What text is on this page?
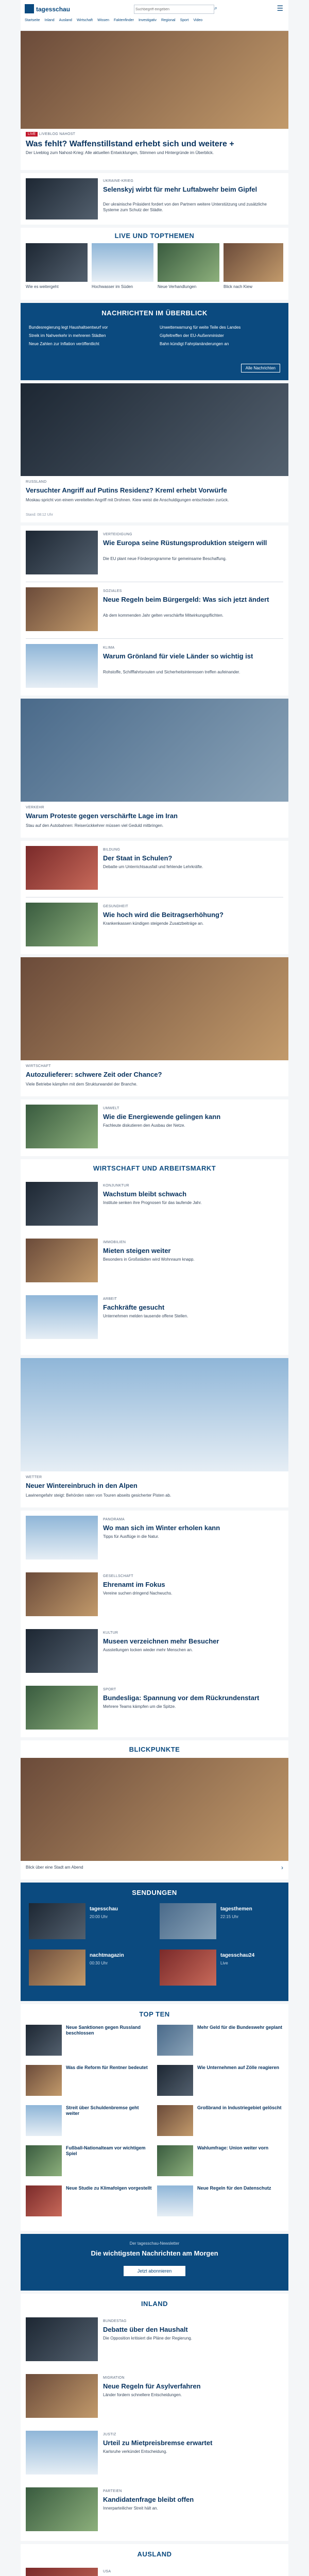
tagesschau
Suchbegriff eingeben	⌕	☰
Startseite Inland Ausland Wirtschaft Wissen Faktenfinder Investigativ Regional Sport Video
LIVE LIVEBLOG NAHOST
Was fehlt? Waffenstillstand erhebt sich und weitere +
Der Liveblog zum Nahost-Krieg: Alle aktuellen Entwicklungen, Stimmen und Hintergründe im Überblick.
UKRAINE-KRIEG
Selenskyj wirbt für mehr Luftabwehr beim Gipfel
Der ukrainische Präsident fordert von den Partnern weitere Unterstützung und zusätzliche Systeme zum Schutz der Städte.
LIVE UND TOPTHEMEN
Wie es weitergeht	Hochwasser im Süden	Neue Verhandlungen	Blick nach Kiew
NACHRICHTEN IM ÜBERBLICK
Bundesregierung legt Haushaltsentwurf vor
Streik im Nahverkehr in mehreren Städten
Neue Zahlen zur Inflation veröffentlicht
Unwetterwarnung für weite Teile des Landes
Gipfeltreffen der EU-Außenminister
Bahn kündigt Fahrplanänderungen an
Alle Nachrichten
RUSSLAND
Versuchter Angriff auf Putins Residenz? Kreml erhebt Vorwürfe
Moskau spricht von einem vereitelten Angriff mit Drohnen. Kiew weist die Anschuldigungen entschieden zurück.
Stand: 08:12 Uhr
VERTEIDIGUNG
Wie Europa seine Rüstungsproduktion steigern will
Die EU plant neue Förderprogramme für gemeinsame Beschaffung.
SOZIALES
Neue Regeln beim Bürgergeld: Was sich jetzt ändert
Ab dem kommenden Jahr gelten verschärfte Mitwirkungspflichten.
KLIMA
Warum Grönland für viele Länder so wichtig ist
Rohstoffe, Schifffahrtsrouten und Sicherheitsinteressen treffen aufeinander.
VERKEHR
Warum Proteste gegen verschärfte Lage im Iran
Stau auf den Autobahnen: Reiserückkehrer müssen viel Geduld mitbringen.
BILDUNG
Der Staat in Schulen?
Debatte um Unterrichtsausfall und fehlende Lehrkräfte.
GESUNDHEIT
Wie hoch wird die Beitragserhöhung?
Krankenkassen kündigen steigende Zusatzbeiträge an.
WIRTSCHAFT
Autozulieferer: schwere Zeit oder Chance?
Viele Betriebe kämpfen mit dem Strukturwandel der Branche.
UMWELT
Wie die Energiewende gelingen kann
Fachleute diskutieren den Ausbau der Netze.
WIRTSCHAFT UND ARBEITSMARKT
KONJUNKTUR
Wachstum bleibt schwach
Institute senken ihre Prognosen für das laufende Jahr.
IMMOBILIEN
Mieten steigen weiter
Besonders in Großstädten wird Wohnraum knapp.
ARBEIT
Fachkräfte gesucht
Unternehmen melden tausende offene Stellen.
WETTER
Neuer Wintereinbruch in den Alpen
Lawinengefahr steigt: Behörden raten von Touren abseits gesicherter Pisten ab.
PANORAMA
Wo man sich im Winter erholen kann
Tipps für Ausflüge in die Natur.
GESELLSCHAFT
Ehrenamt im Fokus
Vereine suchen dringend Nachwuchs.
KULTUR
Museen verzeichnen mehr Besucher
Ausstellungen locken wieder mehr Menschen an.
SPORT
Bundesliga: Spannung vor dem Rückrundenstart
Mehrere Teams kämpfen um die Spitze.
BLICKPUNKTE
Blick über eine Stadt am Abend	›
SENDUNGEN
tagesschau
20:00 Uhr
tagesthemen
22:15 Uhr
nachtmagazin
00:30 Uhr
tagesschau24
Live
TOP TEN
Neue Sanktionen gegen Russland beschlossen
Was die Reform für Rentner bedeutet
Streit über Schuldenbremse geht weiter
Fußball-Nationalteam vor wichtigem Spiel
Neue Studie zu Klimafolgen vorgestellt
Mehr Geld für die Bundeswehr geplant
Wie Unternehmen auf Zölle reagieren
Großbrand in Industriegebiet gelöscht
Wahlumfrage: Union weiter vorn
Neue Regeln für den Datenschutz
Der tagesschau-Newsletter
Die wichtigsten Nachrichten am Morgen
Jetzt abonnieren
INLAND
BUNDESTAG
Debatte über den Haushalt
Die Opposition kritisiert die Pläne der Regierung.
MIGRATION
Neue Regeln für Asylverfahren
Länder fordern schnellere Entscheidungen.
JUSTIZ
Urteil zu Mietpreisbremse erwartet
Karlsruhe verkündet Entscheidung.
PARTEIEN
Kandidatenfrage bleibt offen
Innerparteilicher Streit hält an.
AUSLAND
USA
